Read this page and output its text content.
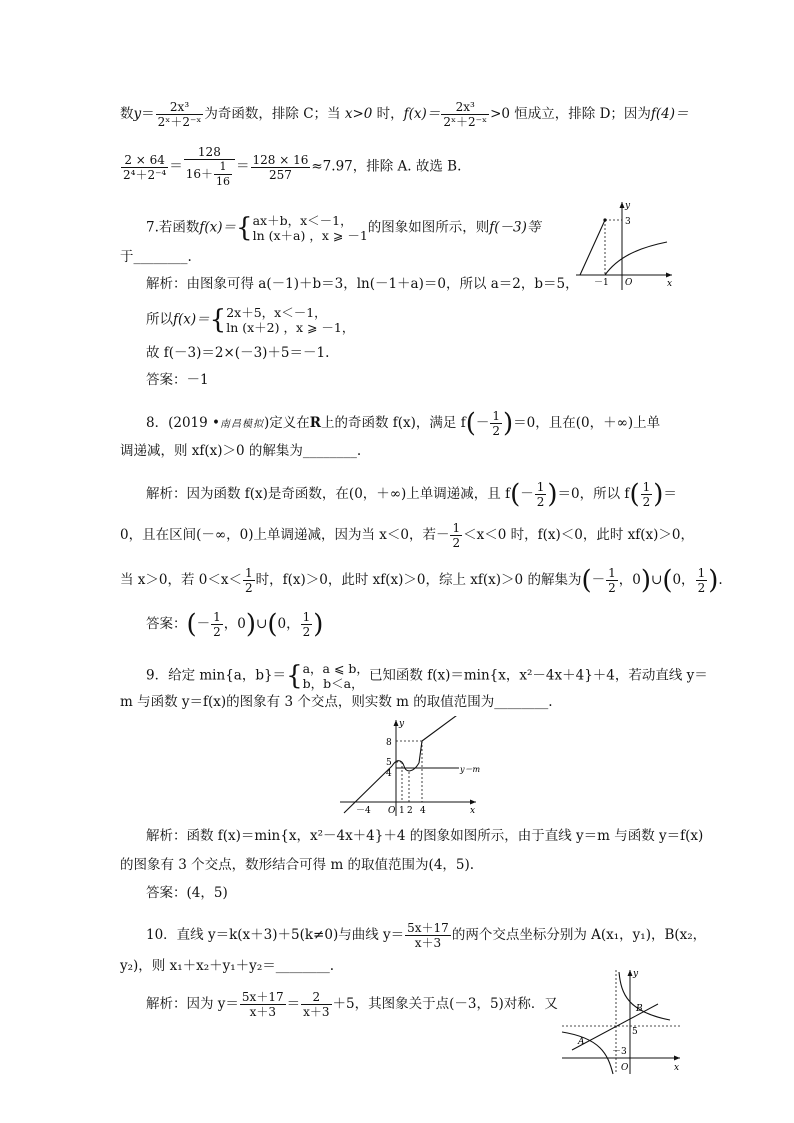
数$y= \frac{\text{2x³}}{\text{2ˣ＋2⁻ˣ}}$ 为奇函数，排除 C；当 x>0 时，$f(x)= \frac{\text{2x³}}{\text{2ˣ＋2⁻ˣ}} >0$ 恒成立，排除 D；因为f(4)＝
$\frac{2 \times 64}{\text{2⁴＋2⁻⁴}} = \frac{128}{16+ \frac{1}{16}} = \frac{128 \times 16}{257} \approx 7.97$，排除 A. 故选 B.
7.若函数f(x)＝{ ax＋b，x＜－1，
ln (x＋a) ，x ⩾ －1 的图象如图所示，则f(－3)等
于________.
解析：由图象可得 a(－1)＋b＝3，ln(－1＋a)＝0，所以 a＝2，b＝5，
所以f(x)＝{ 2x＋5，x＜－1，
ln (x＋2) ，x ⩾ －1，
故 f(－3)＝2×(－3)＋5＝－1.
答案：－1
y
x
3
－1 O
8．(2019 •南昌模拟)定义在R上的奇函数 f(x)，满足 $f(- \frac{1}{2} )=0$，且在(0，＋∞)上单
调递减，则 xf(x)＞0 的解集为________.
解析：因为函数 f(x)是奇函数，在(0，＋∞)上单调递减，且 $f(- \frac{1}{2} )=0$，所以 $f( \frac{1}{2}$ )＝
0，且在区间(－∞，0)上单调递减，因为当 x＜0，若－ $\frac{1}{2} <x<0$ 时，f(x)＜0，此时 xf(x)＞0，
当 x＞0，若 $0<x< \frac{1}{2}$ 时，f(x)＞0，此时 xf(x)＞0，综上 xf(x)＞0 的解集为(－ $\frac{1}{2}$ ，0)∪(0， $\frac{1}{2}$ ).
答案：(－ $\frac{1}{2}$ ，0)∪(0， $\frac{1}{2}$ )
9．给定 min{a，b}＝{ a，a ⩽ b，
b，b＜a， 已知函数 f(x)＝min{x，x²－4x＋4}＋4，若动直线 y＝
m 与函数 y＝f(x)的图象有 3 个交点，则实数 m 的取值范围为________.
y
x
8
5
4
－4 O 1 2 4
y＝m
解析：函数 f(x)＝min{x，x²－4x＋4}＋4 的图象如图所示，由于直线 y＝m 与函数 y＝f(x)
的图象有 3 个交点，数形结合可得 m 的取值范围为(4，5).
答案：(4，5)
10．直线 y＝k(x＋3)＋5(k≠0)与曲线 $y= \frac{5x+17}{x+3}$ 的两个交点坐标分别为 A(x₁，y₁)，B(x₂，
y₂)，则 x₁＋x₂＋y₁＋y₂＝________.
解析：因为 $y= \frac{5x+17}{x+3} = \frac{2}{x+3} +5$，其图象关于点(－3，5)对称．又
y
x
B
A
5
－3
O
